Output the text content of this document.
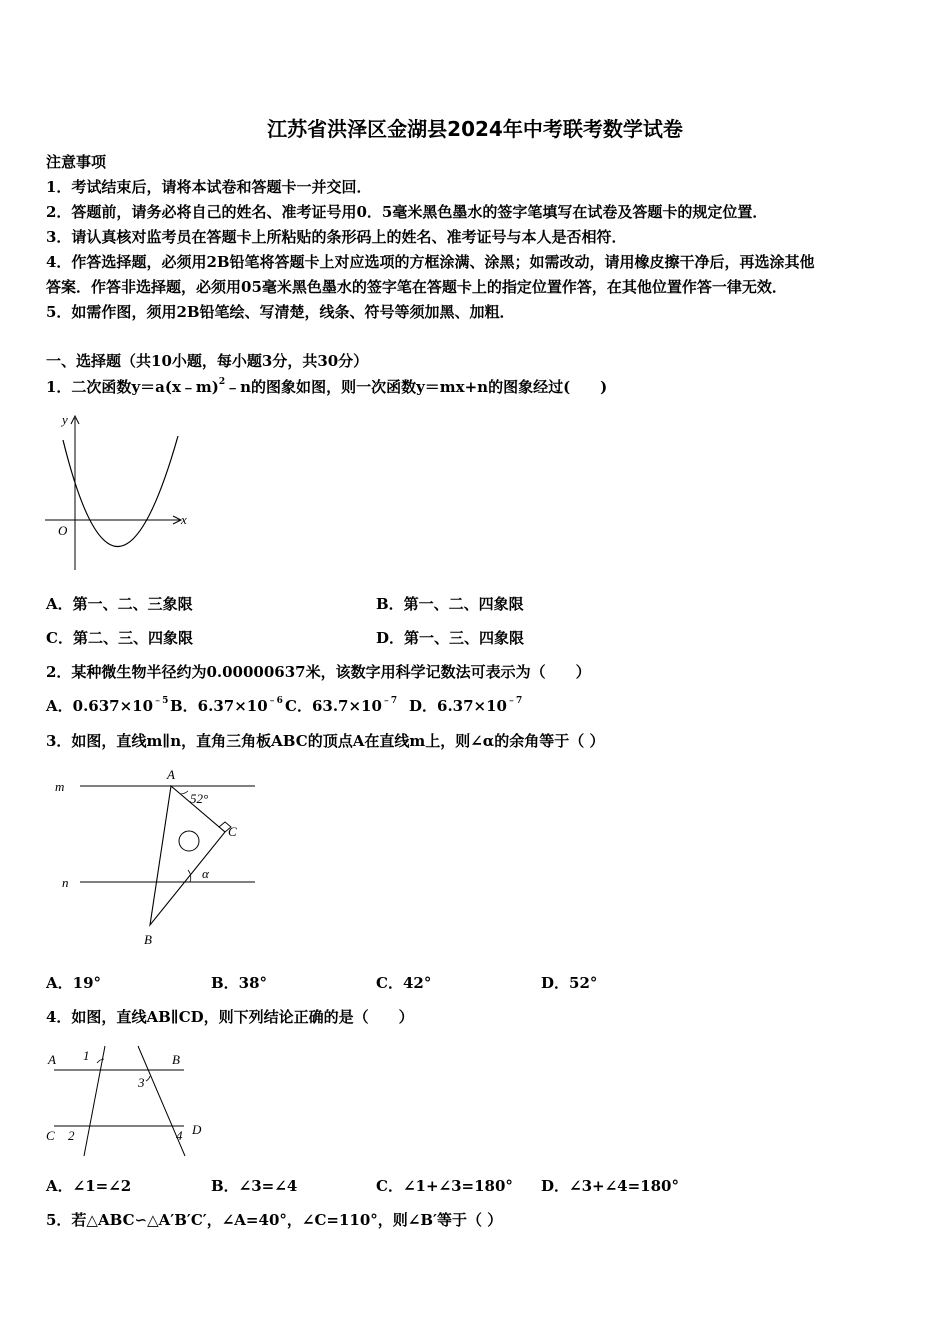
江苏省洪泽区金湖县2024年中考联考数学试卷
注意事项
1．考试结束后，请将本试卷和答题卡一并交回．
2．答题前，请务必将自己的姓名、准考证号用0．5毫米黑色墨水的签字笔填写在试卷及答题卡的规定位置．
3．请认真核对监考员在答题卡上所粘贴的条形码上的姓名、准考证号与本人是否相符．
4．作答选择题，必须用2B铅笔将答题卡上对应选项的方框涂满、涂黑；如需改动，请用橡皮擦干净后，再选涂其他
答案．作答非选择题，必须用05毫米黑色墨水的签字笔在答题卡上的指定位置作答，在其他位置作答一律无效．
5．如需作图，须用2B铅笔绘、写清楚，线条、符号等须加黑、加粗．
一、选择题（共10小题，每小题3分，共30分）
1．二次函数y＝a(x﹣m)$^2$﹣n的图象如图，则一次函数y＝mx+n的图象经过(　　)
y
x
O
A．第一、二、三象限	B．第一、二、四象限
C．第二、三、四象限	D．第一、三、四象限
2．某种微生物半径约为0.00000637米，该数字用科学记数法可表示为（　　）
A．$0.637\times 10^{﹣5}$ B．$6.37\times 10^{﹣6}$ C．$63.7\times 10^{﹣7}$ D．$6.37\times 10^{﹣7}$
3．如图，直线m∥n，直角三角板ABC的顶点A在直线m上，则∠α的余角等于（ ）
m
n
A
B
C
52°
α
A．19°	B．38°	C．42°	D．52°
4．如图，直线AB∥CD，则下列结论正确的是（　　）
A	B
C	D
1
2
3
4
A．∠1=∠2	B．∠3=∠4	C．∠1+∠3=180° D．∠3+∠4=180°
5．若△ABC∽△A′B′C′，∠A=40°，∠C=110°，则∠B′等于（ ）
